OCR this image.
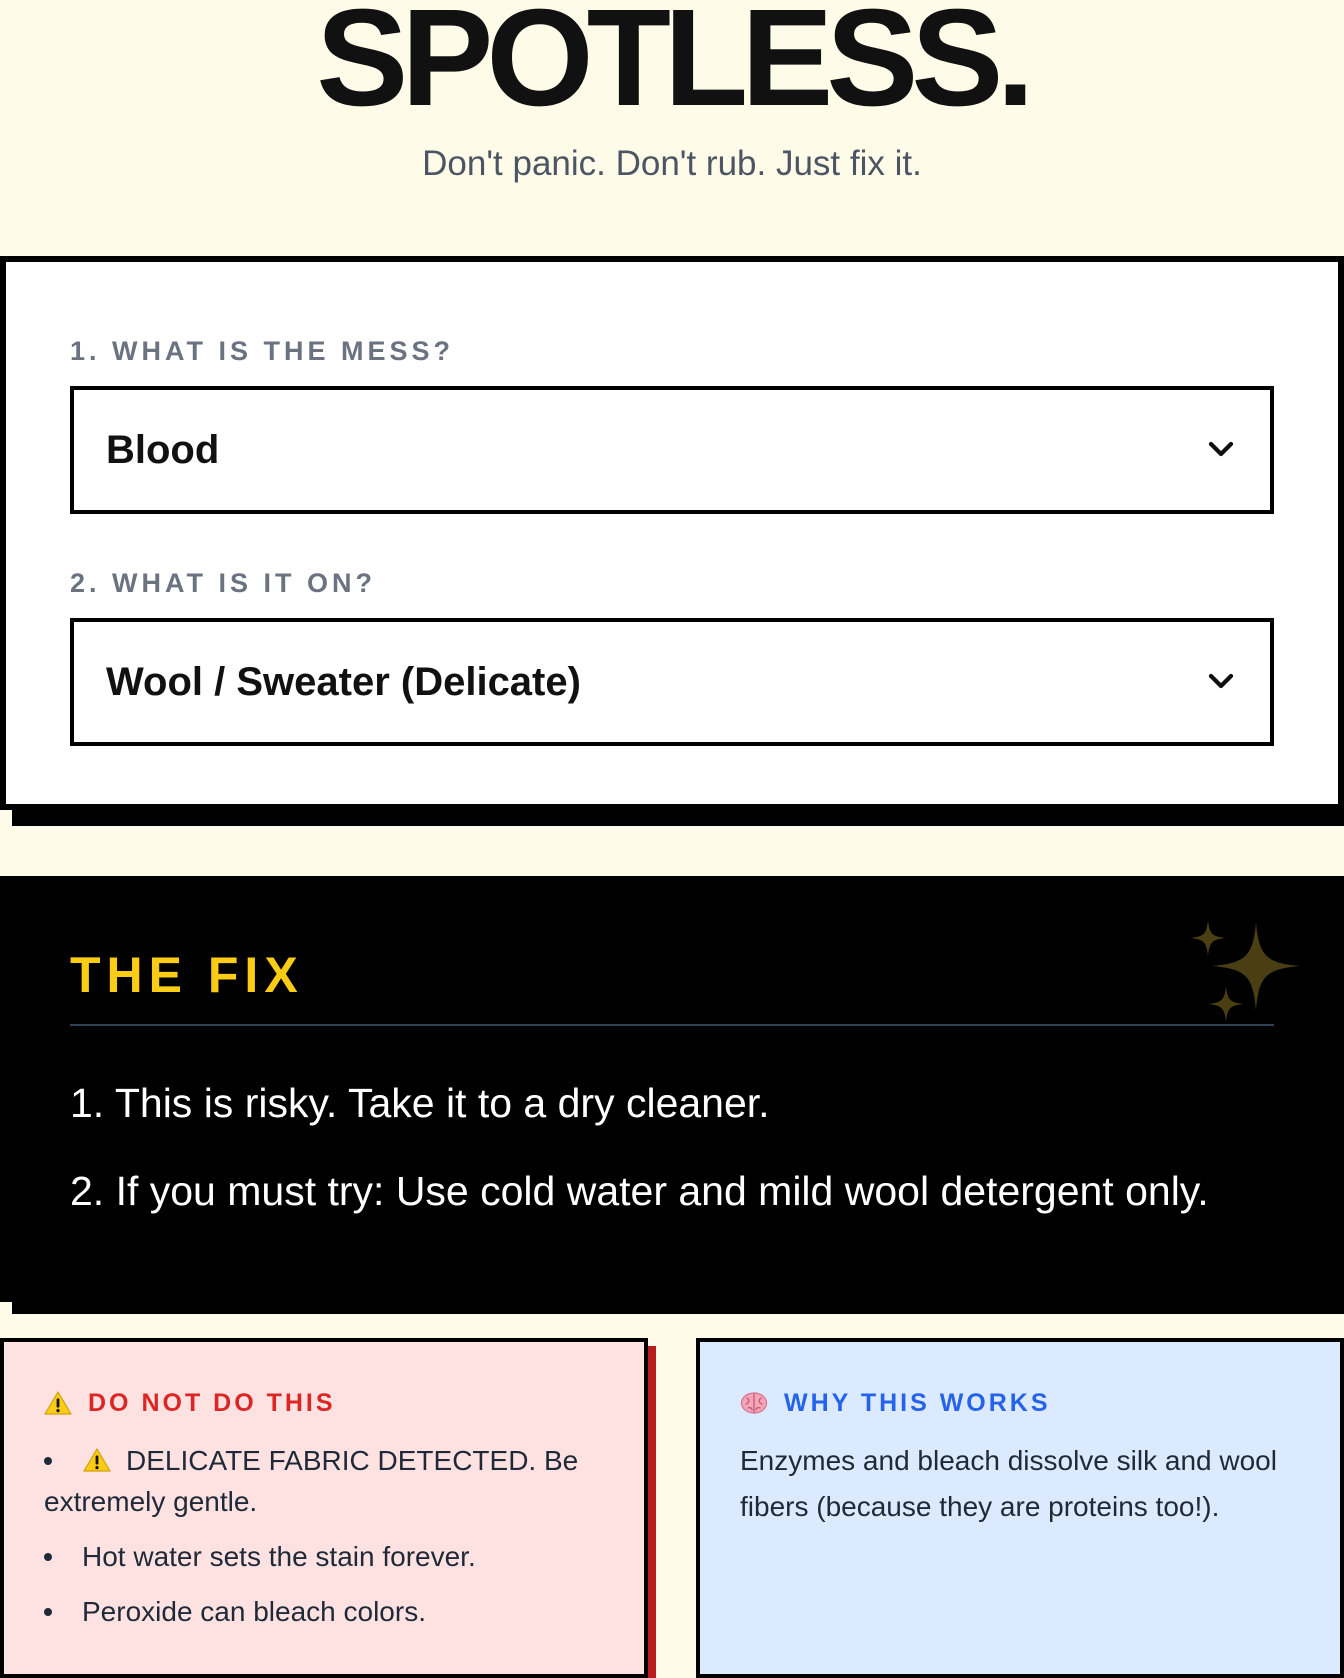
SPOTLESS.
Don't panic. Don't rub. Just fix it.
1. WHAT IS THE MESS?
Blood
2. WHAT IS IT ON?
Wool / Sweater (Delicate)
THE FIX
1. This is risky. Take it to a dry cleaner.
2. If you must try: Use cold water and mild wool detergent only.
DO NOT DO THIS
DELICATE FABRIC DETECTED. Be extremely gentle.
Hot water sets the stain forever.
Peroxide can bleach colors.
WHY THIS WORKS
Enzymes and bleach dissolve silk and wool fibers (because they are proteins too!).
